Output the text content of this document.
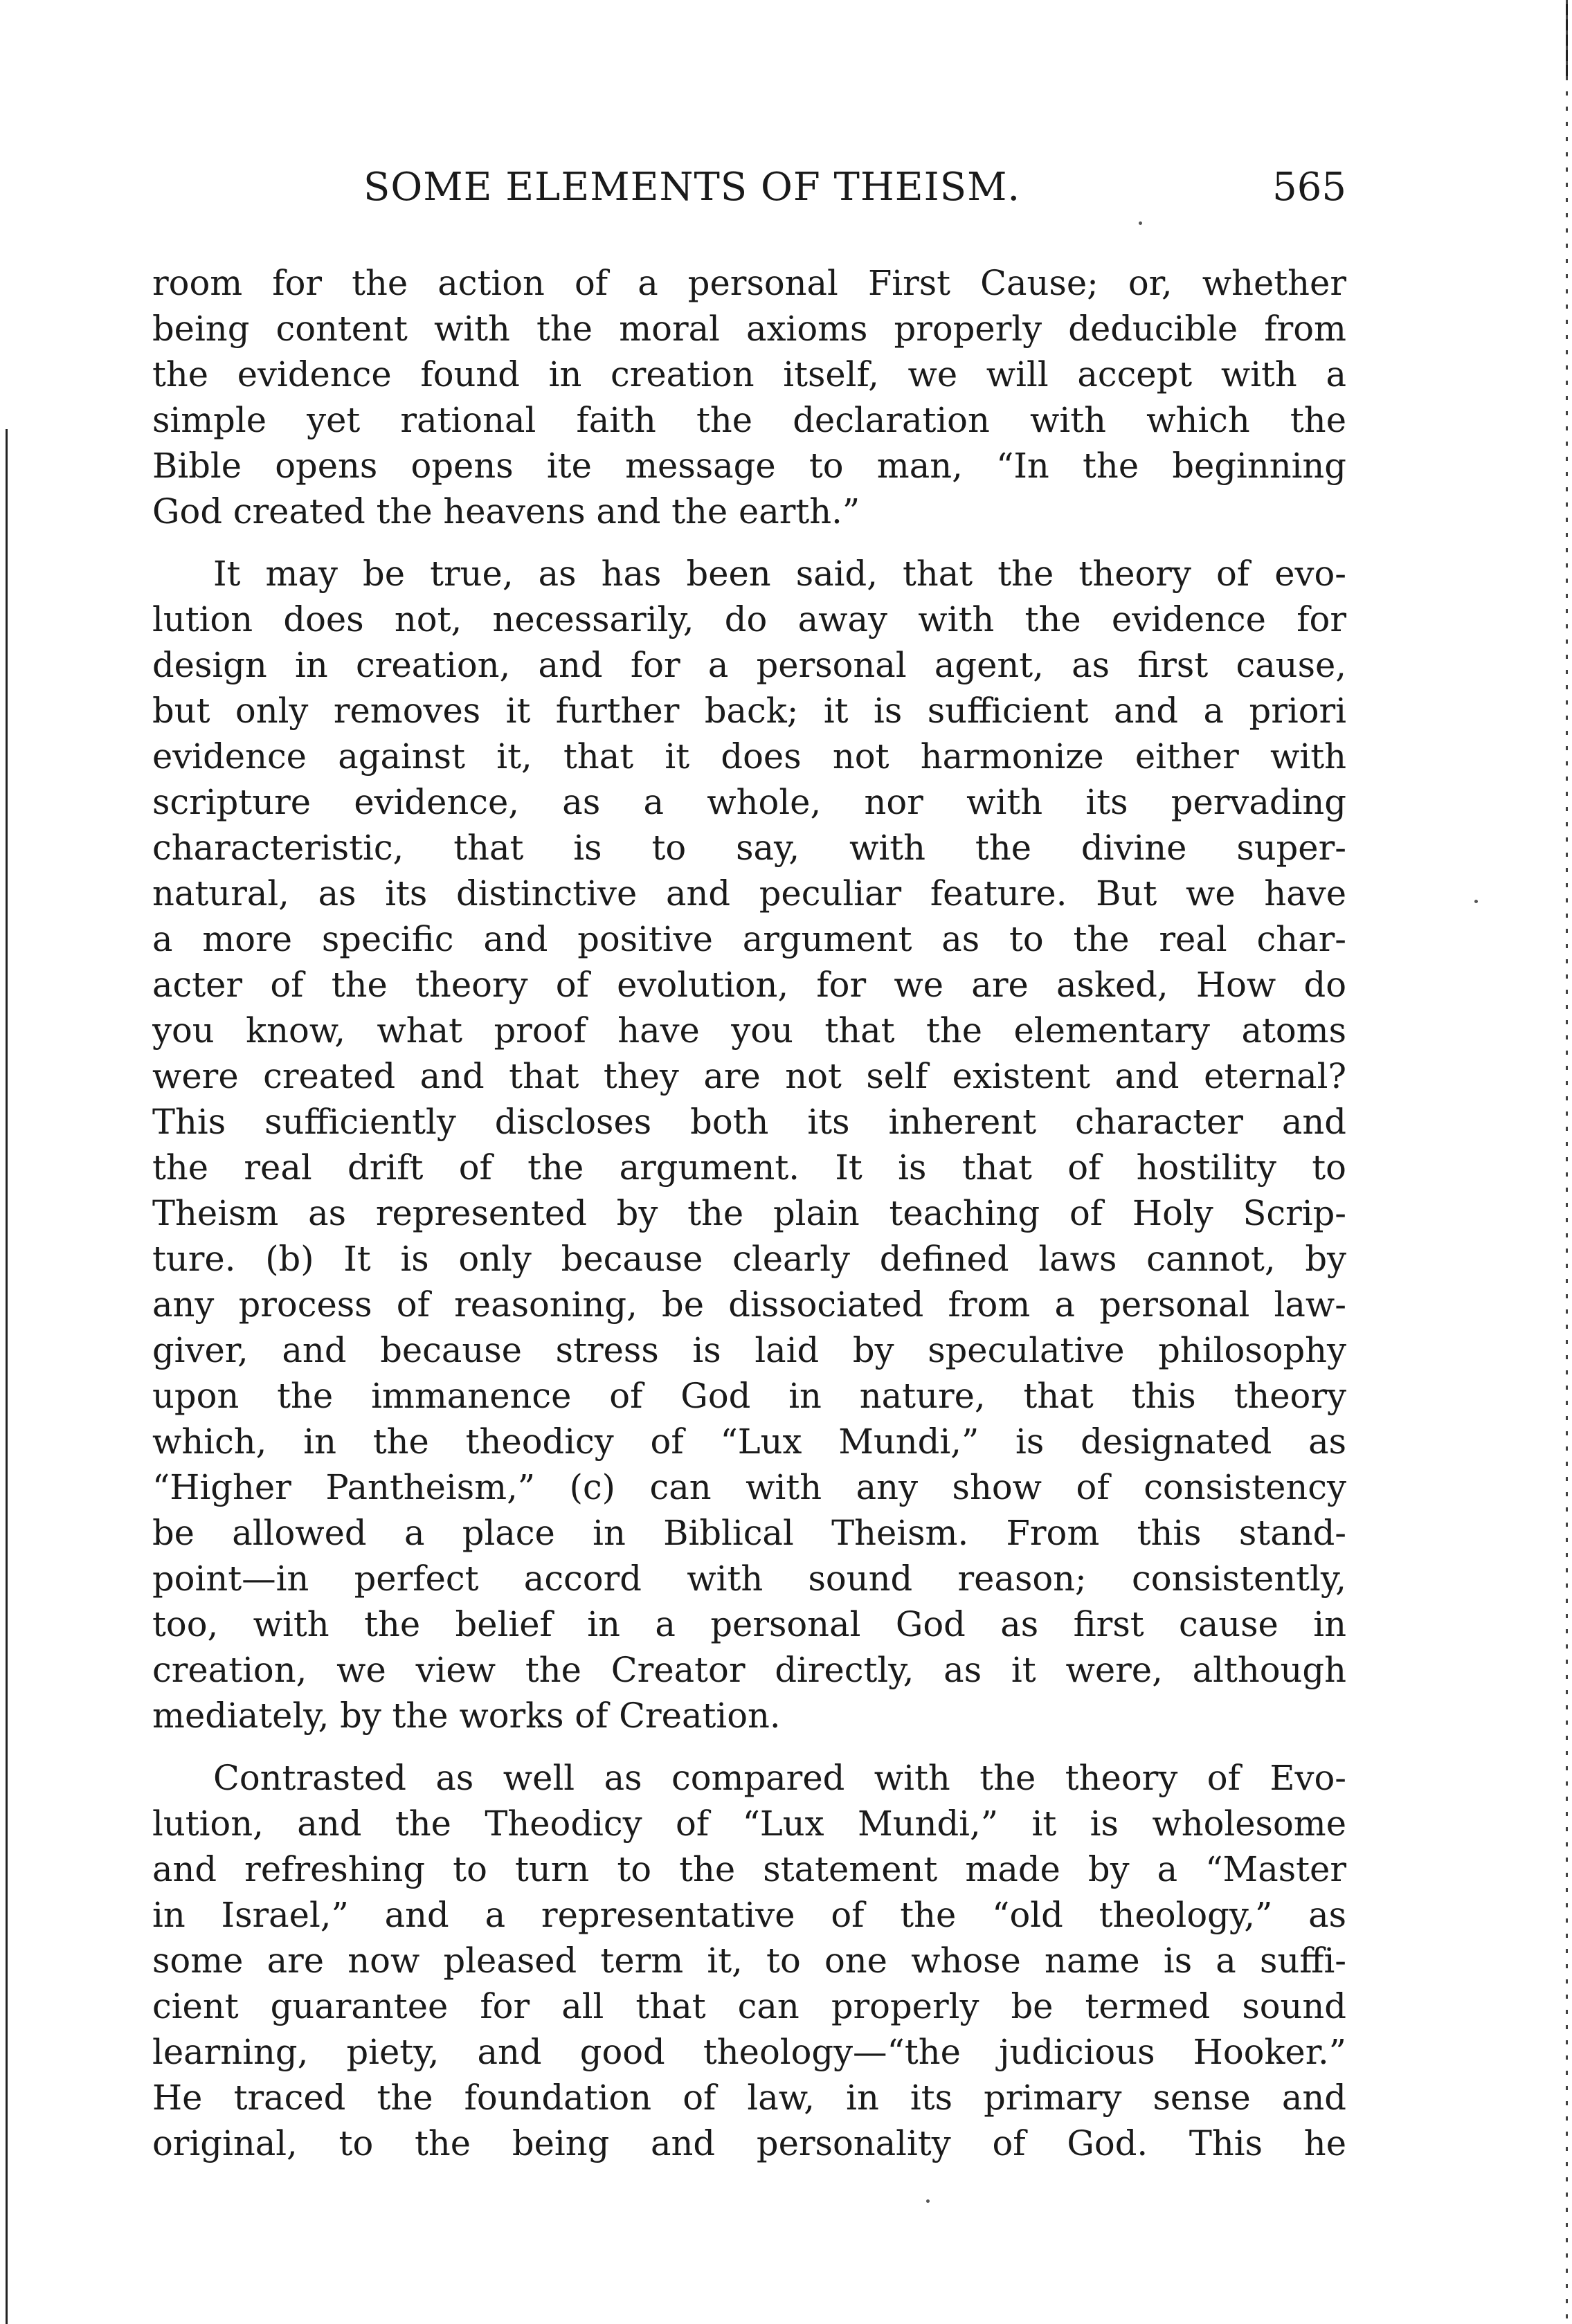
SOME ELEMENTS OF THEISM.	565
room for the action of a personal First Cause; or, whether
being content with the moral axioms properly deducible from
the evidence found in creation itself, we will accept with a
simple yet rational faith the declaration with which the
Bible opens opens ite message to man, “In the beginning
God created the heavens and the earth.”
It may be true, as has been said, that the theory of evo-
lution does not, necessarily, do away with the evidence for
design in creation, and for a personal agent, as first cause,
but only removes it further back; it is sufficient and a priori
evidence against it, that it does not harmonize either with
scripture evidence, as a whole, nor with its pervading
characteristic, that is to say, with the divine super-
natural, as its distinctive and peculiar feature. But we have
a more specific and positive argument as to the real char-
acter of the theory of evolution, for we are asked, How do
you know, what proof have you that the elementary atoms
were created and that they are not self existent and eternal?
This sufficiently discloses both its inherent character and
the real drift of the argument. It is that of hostility to
Theism as represented by the plain teaching of Holy Scrip-
ture. (b) It is only because clearly defined laws cannot, by
any process of reasoning, be dissociated from a personal law-
giver, and because stress is laid by speculative philosophy
upon the immanence of God in nature, that this theory
which, in the theodicy of “Lux Mundi,” is designated as
“Higher Pantheism,” (c) can with any show of consistency
be allowed a place in Biblical Theism. From this stand-
point—in perfect accord with sound reason; consistently,
too, with the belief in a personal God as first cause in
creation, we view the Creator directly, as it were, although
mediately, by the works of Creation.
Contrasted as well as compared with the theory of Evo-
lution, and the Theodicy of “Lux Mundi,” it is wholesome
and refreshing to turn to the statement made by a “Master
in Israel,” and a representative of the “old theology,” as
some are now pleased term it, to one whose name is a suffi-
cient guarantee for all that can properly be termed sound
learning, piety, and good theology—“the judicious Hooker.”
He traced the foundation of law, in its primary sense and
original, to the being and personality of God. This he
